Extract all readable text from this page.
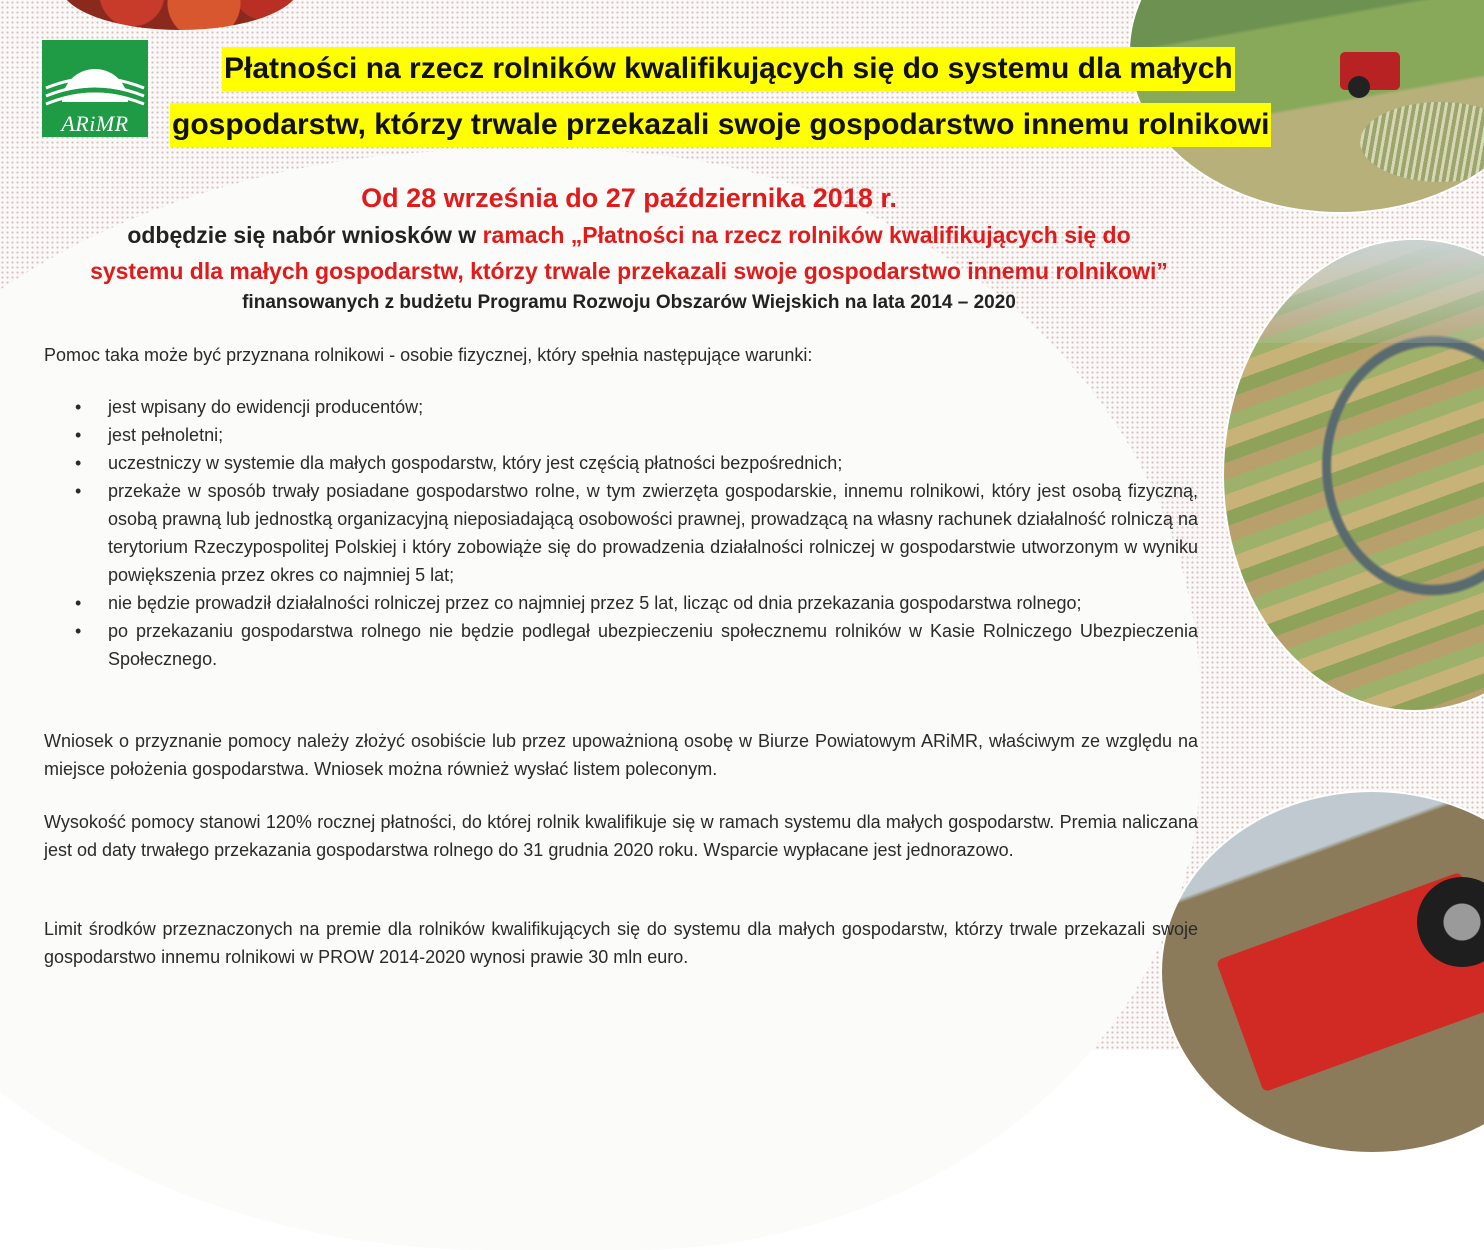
ARiMR
Płatności na rzecz rolników kwalifikujących się do systemu dla małych
gospodarstw, którzy trwale przekazali swoje gospodarstwo innemu rolnikowi
Od 28 września do 27 października 2018 r.
odbędzie się nabór wniosków w ramach „Płatności na rzecz rolników kwalifikujących się do
systemu dla małych gospodarstw, którzy trwale przekazali swoje gospodarstwo innemu rolnikowi”
finansowanych z budżetu Programu Rozwoju Obszarów Wiejskich na lata 2014 – 2020
Pomoc taka może być przyznana rolnikowi - osobie fizycznej, który spełnia następujące warunki:
• jest wpisany do ewidencji producentów;
• jest pełnoletni;
• uczestniczy w systemie dla małych gospodarstw, który jest częścią płatności bezpośrednich;
• przekaże w sposób trwały posiadane gospodarstwo rolne, w tym zwierzęta gospodarskie, innemu rolnikowi, który jest osobą fizyczną, osobą prawną lub jednostką organizacyjną nieposiadającą osobowości prawnej, prowadzącą na własny rachunek działalność rolniczą na terytorium Rzeczypospolitej Polskiej i który zobowiąże się do prowadzenia działalności rolniczej w gospodarstwie utworzonym w wyniku powiększenia przez okres co najmniej 5 lat;
• nie będzie prowadził działalności rolniczej przez co najmniej przez 5 lat, licząc od dnia przekazania gospodarstwa rolnego;
• po przekazaniu gospodarstwa rolnego nie będzie podlegał ubezpieczeniu społecznemu rolników w Kasie Rolniczego Ubezpieczenia Społecznego.
Wniosek o przyznanie pomocy należy złożyć osobiście lub przez upoważnioną osobę w Biurze Powiatowym ARiMR, właściwym ze względu na miejsce położenia gospodarstwa. Wniosek można również wysłać listem poleconym.
Wysokość pomocy stanowi 120% rocznej płatności, do której rolnik kwalifikuje się w ramach systemu dla małych gospodarstw. Premia naliczana jest od daty trwałego przekazania gospodarstwa rolnego do 31 grudnia 2020 roku. Wsparcie wypłacane jest jednorazowo.
Limit środków przeznaczonych na premie dla rolników kwalifikujących się do systemu dla małych gospodarstw, którzy trwale przekazali swoje gospodarstwo innemu rolnikowi w PROW 2014-2020 wynosi prawie 30 mln euro.
